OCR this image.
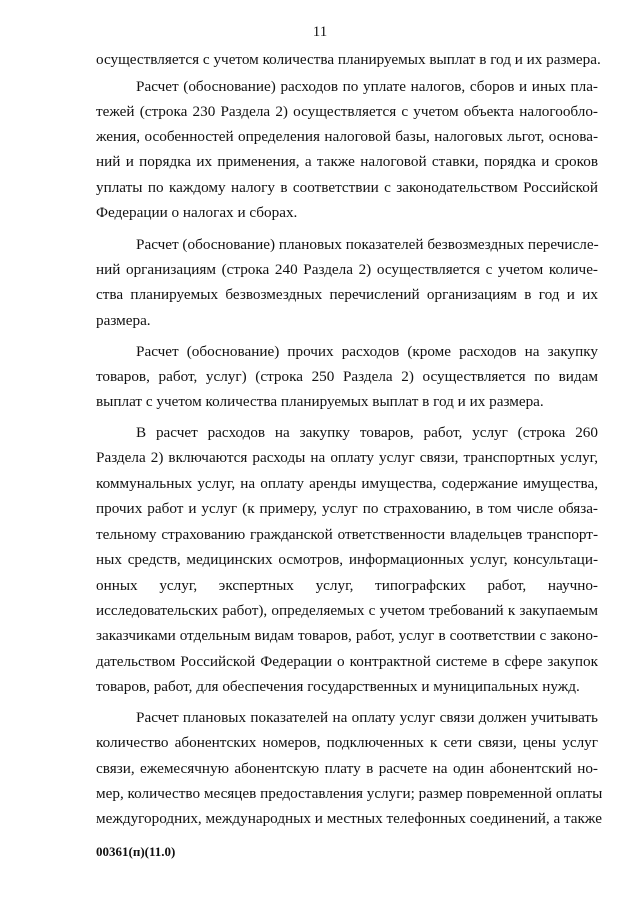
11
осуществляется с учетом количества планируемых выплат в год и их размера.
Расчет (обоснование) расходов по уплате налогов, сборов и иных пла-
тежей (строка 230 Раздела 2) осуществляется с учетом объекта налогообло-
жения, особенностей определения налоговой базы, налоговых льгот, основа-
ний и порядка их применения, а также налоговой ставки, порядка и сроков
уплаты по каждому налогу в соответствии с законодательством Российской
Федерации о налогах и сборах.
Расчет (обоснование) плановых показателей безвозмездных перечисле-
ний организациям (строка 240 Раздела 2) осуществляется с учетом количе-
ства планируемых безвозмездных перечислений организациям в год и их
размера.
Расчет (обоснование) прочих расходов (кроме расходов на закупку
товаров, работ, услуг) (строка 250 Раздела 2) осуществляется по видам
выплат с учетом количества планируемых выплат в год и их размера.
В расчет расходов на закупку товаров, работ, услуг (строка 260
Раздела 2) включаются расходы на оплату услуг связи, транспортных услуг,
коммунальных услуг, на оплату аренды имущества, содержание имущества,
прочих работ и услуг (к примеру, услуг по страхованию, в том числе обяза-
тельному страхованию гражданской ответственности владельцев транспорт-
ных средств, медицинских осмотров, информационных услуг, консультаци-
онных услуг, экспертных услуг, типографских работ, научно-
исследовательских работ), определяемых с учетом требований к закупаемым
заказчиками отдельным видам товаров, работ, услуг в соответствии с законо-
дательством Российской Федерации о контрактной системе в сфере закупок
товаров, работ, для обеспечения государственных и муниципальных нужд.
Расчет плановых показателей на оплату услуг связи должен учитывать
количество абонентских номеров, подключенных к сети связи, цены услуг
связи, ежемесячную абонентскую плату в расчете на один абонентский но-
мер, количество месяцев предоставления услуги; размер повременной оплаты
междугородних, международных и местных телефонных соединений, а также
00361(п)(11.0)
